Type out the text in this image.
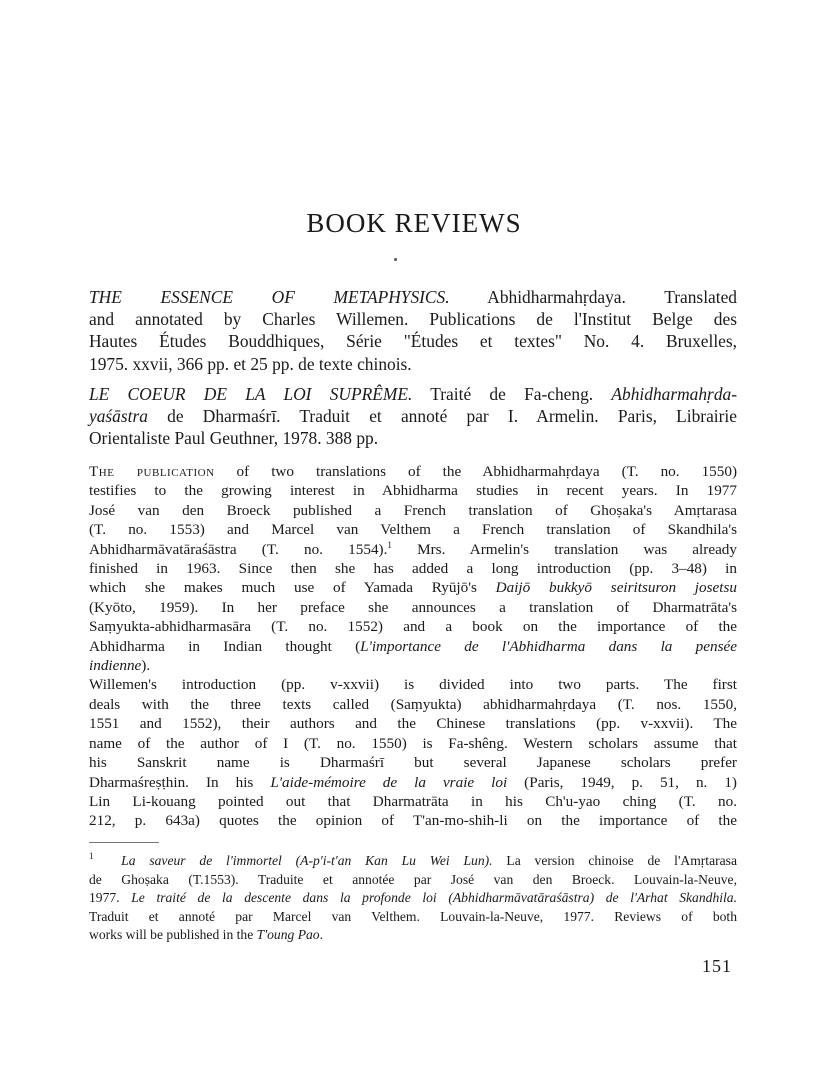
BOOK REVIEWS
THE ESSENCE OF METAPHYSICS. Abhidharmahṛdaya. Translated
and annotated by Charles Willemen. Publications de l'Institut Belge des
Hautes Études Bouddhiques, Série "Études et textes" No. 4. Bruxelles,
1975. xxvii, 366 pp. et 25 pp. de texte chinois.
LE COEUR DE LA LOI SUPRÊME. Traité de Fa-cheng. Abhidharmahṛda-
yaśāstra de Dharmaśrī. Traduit et annoté par I. Armelin. Paris, Librairie
Orientaliste Paul Geuthner, 1978. 388 pp.
The publication of two translations of the Abhidharmahṛdaya (T. no. 1550)
testifies to the growing interest in Abhidharma studies in recent years. In 1977
José van den Broeck published a French translation of Ghoṣaka's Amṛtarasa
(T. no. 1553) and Marcel van Velthem a French translation of Skandhila's
Abhidharmāvatāraśāstra (T. no. 1554).$^1$ Mrs. Armelin's translation was already
finished in 1963. Since then she has added a long introduction (pp. 3–48) in
which she makes much use of Yamada Ryūjō's Daijō bukkyō seiritsuron josetsu
(Kyōto, 1959). In her preface she announces a translation of Dharmatrāta's
Saṃyukta-abhidharmasāra (T. no. 1552) and a book on the importance of the
Abhidharma in Indian thought (L'importance de l'Abhidharma dans la pensée
indienne).
Willemen's introduction (pp. v-xxvii) is divided into two parts. The first
deals with the three texts called (Saṃyukta) abhidharmahṛdaya (T. nos. 1550,
1551 and 1552), their authors and the Chinese translations (pp. v-xxvii). The
name of the author of I (T. no. 1550) is Fa-shêng. Western scholars assume that
his Sanskrit name is Dharmaśrī but several Japanese scholars prefer
Dharmaśreṣṭhin. In his L'aide-mémoire de la vraie loi (Paris, 1949, p. 51, n. 1)
Lin Li-kouang pointed out that Dharmatrāta in his Ch'u-yao ching (T. no.
212, p. 643a) quotes the opinion of T'an-mo-shih-li on the importance of the
$^1$ La saveur de l'immortel (A-p'i-t'an Kan Lu Wei Lun). La version chinoise de l'Amṛtarasa
de Ghoṣaka (T.1553). Traduite et annotée par José van den Broeck. Louvain-la-Neuve,
1977. Le traité de la descente dans la profonde loi (Abhidharmāvatāraśāstra) de l'Arhat Skandhila.
Traduit et annoté par Marcel van Velthem. Louvain-la-Neuve, 1977. Reviews of both
works will be published in the T'oung Pao.
151
